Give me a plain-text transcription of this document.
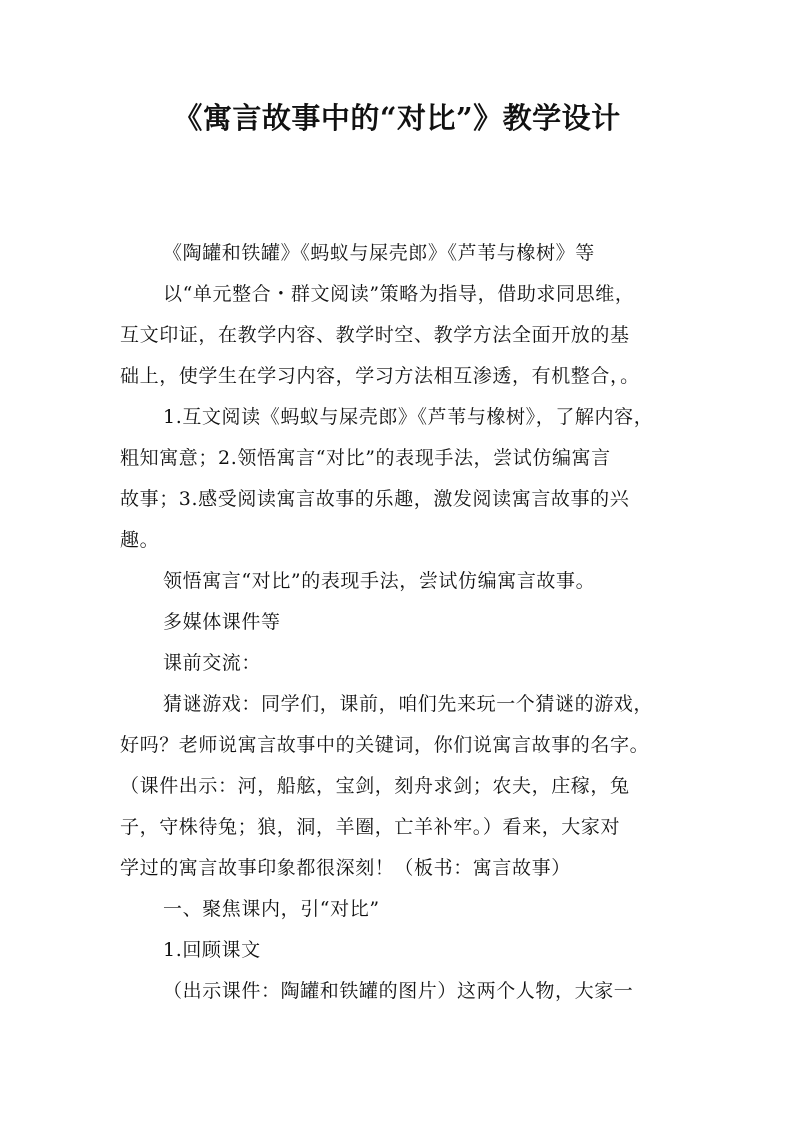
《寓言故事中的“对比”》教学设计
《陶罐和铁罐》《蚂蚁与屎壳郎》《芦苇与橡树》等
以“单元整合・群文阅读”策略为指导，借助求同思维，
互文印证，在教学内容、教学时空、教学方法全面开放的基
础上，使学生在学习内容，学习方法相互渗透，有机整合，。
1.互文阅读《蚂蚁与屎壳郎》《芦苇与橡树》，了解内容，
粗知寓意；2.领悟寓言“对比”的表现手法，尝试仿编寓言
故事；3.感受阅读寓言故事的乐趣，激发阅读寓言故事的兴
趣。
领悟寓言“对比”的表现手法，尝试仿编寓言故事。
多媒体课件等
课前交流：
猜谜游戏：同学们，课前，咱们先来玩一个猜谜的游戏，
好吗？老师说寓言故事中的关键词，你们说寓言故事的名字。
（课件出示：河，船舷，宝剑，刻舟求剑；农夫，庄稼，兔
子，守株待兔；狼，洞，羊圈，亡羊补牢。）看来，大家对
学过的寓言故事印象都很深刻！（板书：寓言故事）
一、聚焦课内，引“对比”
1.回顾课文
（出示课件：陶罐和铁罐的图片）这两个人物，大家一
